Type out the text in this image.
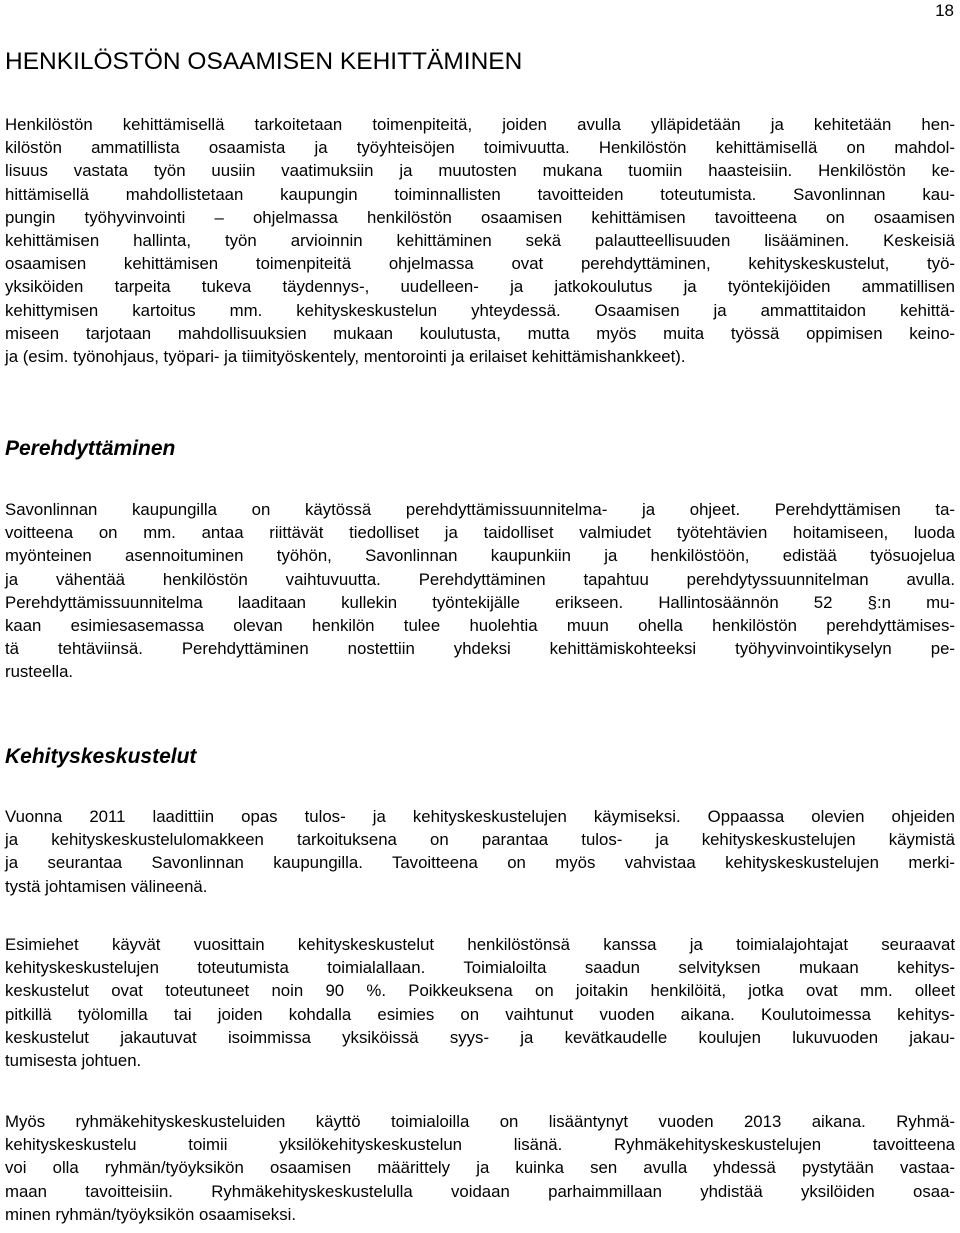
18
HENKILÖSTÖN OSAAMISEN KEHITTÄMINEN
Henkilöstön kehittämisellä tarkoitetaan toimenpiteitä, joiden avulla ylläpidetään ja kehitetään hen-
kilöstön ammatillista osaamista ja työyhteisöjen toimivuutta. Henkilöstön kehittämisellä on mahdol-
lisuus vastata työn uusiin vaatimuksiin ja muutosten mukana tuomiin haasteisiin. Henkilöstön ke-
hittämisellä mahdollistetaan kaupungin toiminnallisten tavoitteiden toteutumista. Savonlinnan kau-
pungin työhyvinvointi – ohjelmassa henkilöstön osaamisen kehittämisen tavoitteena on osaamisen
kehittämisen hallinta, työn arvioinnin kehittäminen sekä palautteellisuuden lisääminen. Keskeisiä
osaamisen kehittämisen toimenpiteitä ohjelmassa ovat perehdyttäminen, kehityskeskustelut, työ-
yksiköiden tarpeita tukeva täydennys-, uudelleen- ja jatkokoulutus ja työntekijöiden ammatillisen
kehittymisen kartoitus mm. kehityskeskustelun yhteydessä. Osaamisen ja ammattitaidon kehittä-
miseen tarjotaan mahdollisuuksien mukaan koulutusta, mutta myös muita työssä oppimisen keino-
ja (esim. työnohjaus, työpari- ja tiimityöskentely, mentorointi ja erilaiset kehittämishankkeet).
Perehdyttäminen
Savonlinnan kaupungilla on käytössä perehdyttämissuunnitelma- ja ohjeet. Perehdyttämisen ta-
voitteena on mm. antaa riittävät tiedolliset ja taidolliset valmiudet työtehtävien hoitamiseen, luoda
myönteinen asennoituminen työhön, Savonlinnan kaupunkiin ja henkilöstöön, edistää työsuojelua
ja vähentää henkilöstön vaihtuvuutta. Perehdyttäminen tapahtuu perehdytyssuunnitelman avulla.
Perehdyttämissuunnitelma laaditaan kullekin työntekijälle erikseen. Hallintosäännön 52 §:n mu-
kaan esimiesasemassa olevan henkilön tulee huolehtia muun ohella henkilöstön perehdyttämises-
tä tehtäviinsä. Perehdyttäminen nostettiin yhdeksi kehittämiskohteeksi työhyvinvointikyselyn pe-
rusteella.
Kehityskeskustelut
Vuonna 2011 laadittiin opas tulos- ja kehityskeskustelujen käymiseksi. Oppaassa olevien ohjeiden
ja kehityskeskustelulomakkeen tarkoituksena on parantaa tulos- ja kehityskeskustelujen käymistä
ja seurantaa Savonlinnan kaupungilla. Tavoitteena on myös vahvistaa kehityskeskustelujen merki-
tystä johtamisen välineenä.
Esimiehet käyvät vuosittain kehityskeskustelut henkilöstönsä kanssa ja toimialajohtajat seuraavat
kehityskeskustelujen toteutumista toimialallaan. Toimialoilta saadun selvityksen mukaan kehitys-
keskustelut ovat toteutuneet noin 90 %. Poikkeuksena on joitakin henkilöitä, jotka ovat mm. olleet
pitkillä työlomilla tai joiden kohdalla esimies on vaihtunut vuoden aikana. Koulutoimessa kehitys-
keskustelut jakautuvat isoimmissa yksiköissä syys- ja kevätkaudelle koulujen lukuvuoden jakau-
tumisesta johtuen.
Myös ryhmäkehityskeskusteluiden käyttö toimialoilla on lisääntynyt vuoden 2013 aikana. Ryhmä-
kehityskeskustelu toimii yksilökehityskeskustelun lisänä. Ryhmäkehityskeskustelujen tavoitteena
voi olla ryhmän/työyksikön osaamisen määrittely ja kuinka sen avulla yhdessä pystytään vastaa-
maan tavoitteisiin. Ryhmäkehityskeskustelulla voidaan parhaimmillaan yhdistää yksilöiden osaa-
minen ryhmän/työyksikön osaamiseksi.
